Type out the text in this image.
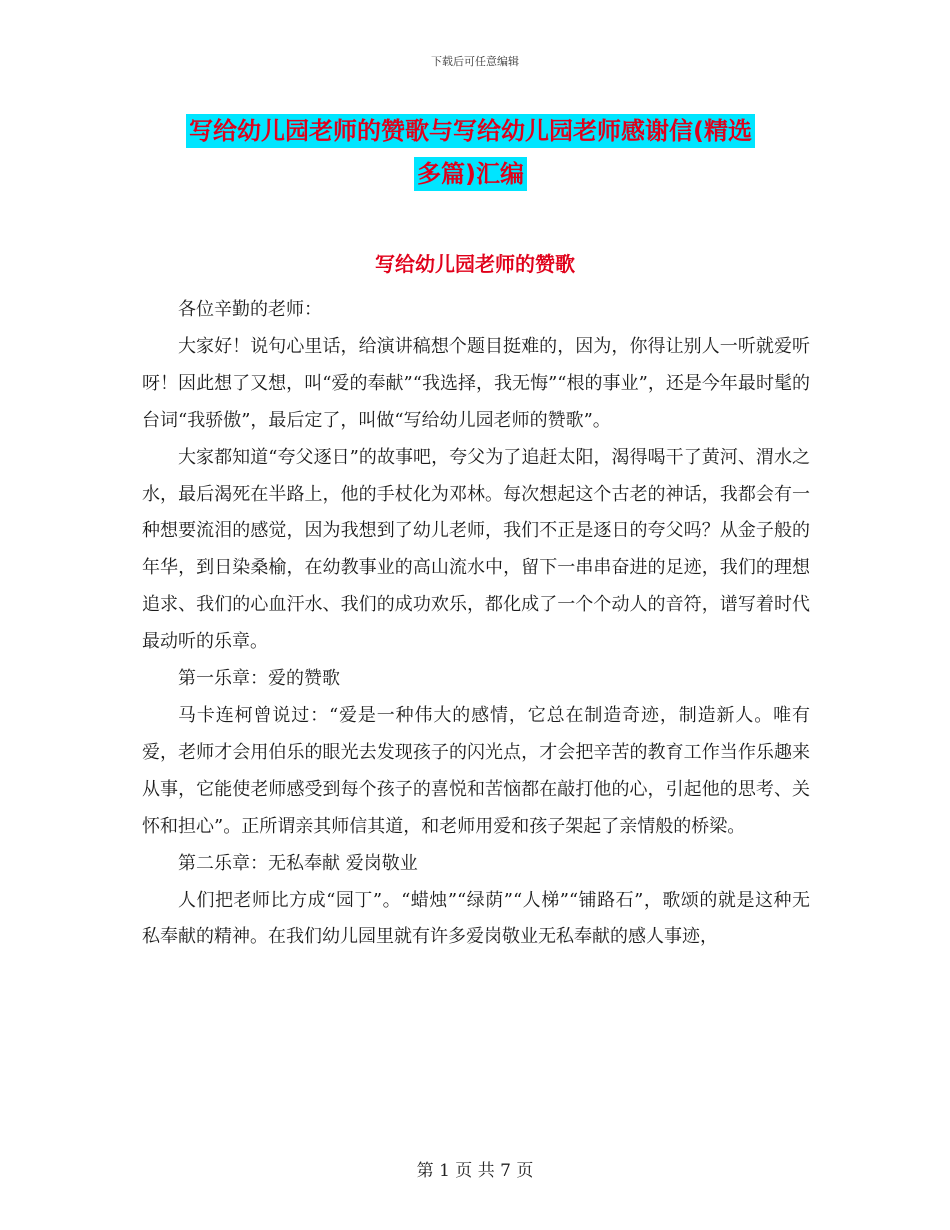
下载后可任意编辑
写给幼儿园老师的赞歌与写给幼儿园老师感谢信(精选
多篇)汇编
写给幼儿园老师的赞歌

各位辛勤的老师：

大家好！说句心里话，给演讲稿想个题目挺难的，因为，你得让别人一听就爱听呀！因此想了又想，叫“爱的奉献”“我选择，我无悔”“根的事业”，还是今年最时髦的台词“我骄傲”，最后定了，叫做“写给幼儿园老师的赞歌”。

大家都知道“夸父逐日”的故事吧，夸父为了追赶太阳，渴得喝干了黄河、渭水之水，最后渴死在半路上，他的手杖化为邓林。每次想起这个古老的神话，我都会有一种想要流泪的感觉，因为我想到了幼儿老师，我们不正是逐日的夸父吗？从金子般的年华，到日染桑榆，在幼教事业的高山流水中，留下一串串奋进的足迹，我们的理想追求、我们的心血汗水、我们的成功欢乐，都化成了一个个动人的音符，谱写着时代最动听的乐章。

第一乐章：爱的赞歌

马卡连柯曾说过：“爱是一种伟大的感情，它总在制造奇迹，制造新人。唯有爱，老师才会用伯乐的眼光去发现孩子的闪光点，才会把辛苦的教育工作当作乐趣来从事，它能使老师感受到每个孩子的喜悦和苦恼都在敲打他的心，引起他的思考、关怀和担心”。正所谓亲其师信其道，和老师用爱和孩子架起了亲情般的桥梁。

第二乐章：无私奉献 爱岗敬业

人们把老师比方成“园丁”。“蜡烛”“绿荫”“人梯”“铺路石”，歌颂的就是这种无私奉献的精神。在我们幼儿园里就有许多爱岗敬业无私奉献的感人事迹，

第 1 页 共 7 页
